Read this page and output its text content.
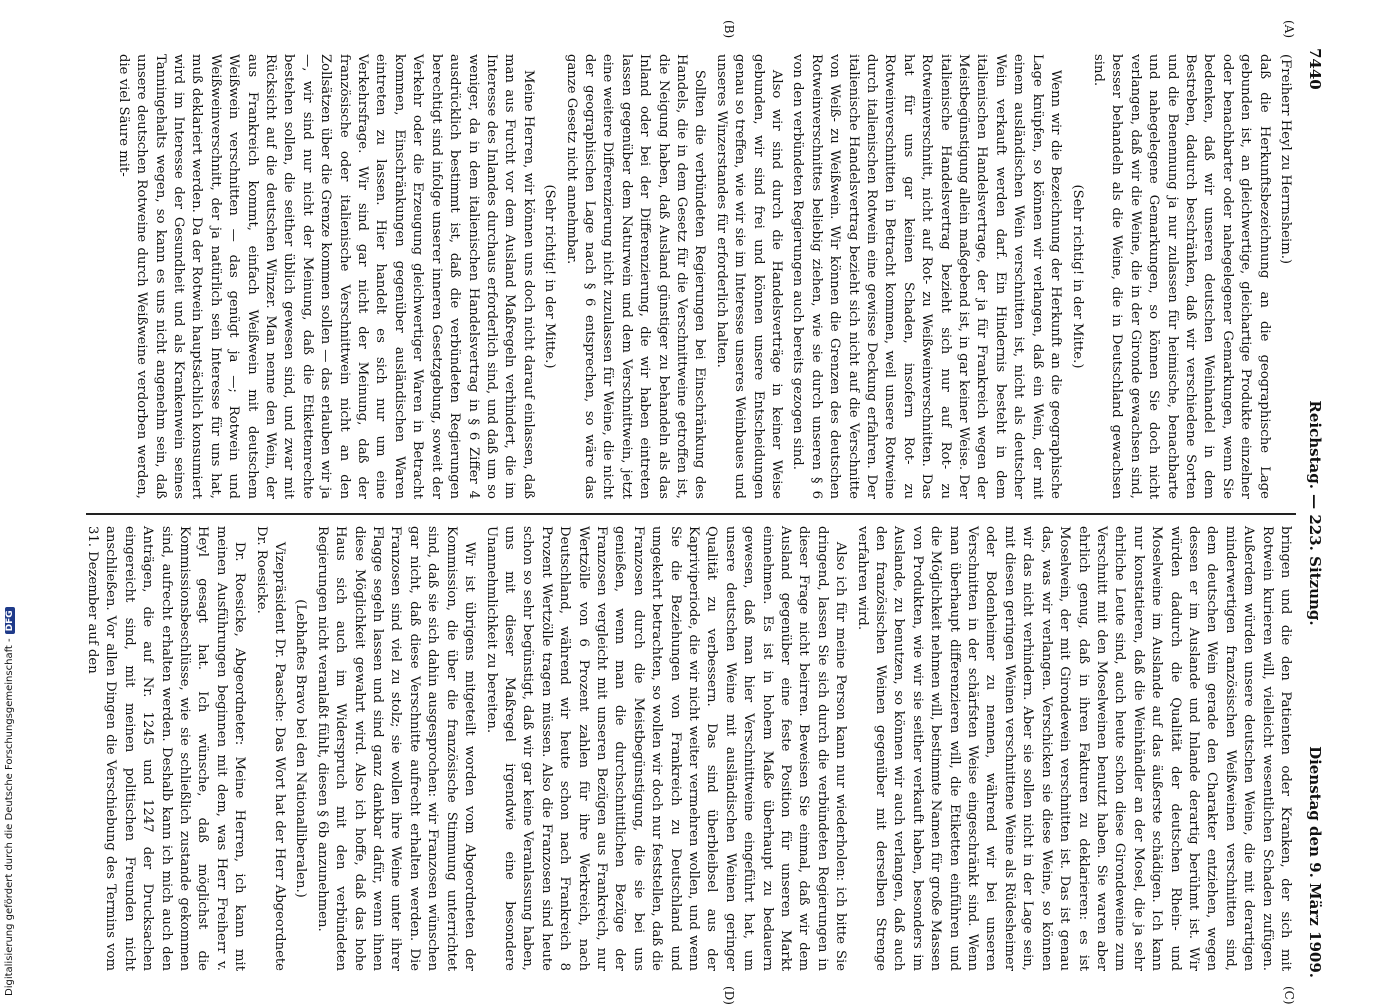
7440
Reichstag. — 223. Sitzung.
Dienstag den 9. März 1909.
(A)
(B)
(C)
(D)

(Freiherr Heyl zu Herrnsheim.)

daß die Herkunftsbezeichnung an die geographische Lage gebunden ist, an gleichwertige, gleichartige Produkte einzelner oder benachbarter oder nahegelegener Gemarkungen, wenn Sie bedenken, daß wir unseren deutschen Weinhandel in dem Bestreben, dadurch beschränken, daß wir verschiedene Sorten und die Benennung ja nur zulassen für heimische, benachbarte und nahegelegene Gemarkungen, so können Sie doch nicht verlangen, daß wir die Weine, die in der Gironde gewachsen sind, besser behandeln als die Weine, die in Deutschland gewachsen sind.

(Sehr richtig! in der Mitte.)

Wenn wir die Bezeichnung der Herkunft an die geographische Lage knüpfen, so können wir verlangen, daß ein Wein, der mit einem ausländischen Wein verschnitten ist, nicht als deutscher Wein verkauft werden darf. Ein Hindernis besteht in dem italienischen Handelsvertrage, der ja für Frankreich wegen der Meistbegünstigung allein maßgebend ist, in gar keiner Weise. Der italienische Handelsvertrag bezieht sich nur auf Rot- zu Rotweinverschnitt, nicht auf Rot- zu Weißweinverschnitten. Das hat für uns gar keinen Schaden, insofern Rot- zu Rotweinverschnitten in Betracht kommen, weil unsere Rotweine durch italienischen Rotwein eine gewisse Deckung erfahren. Der italienische Handelsvertrag bezieht sich nicht auf die Verschnitte von Weiß- zu Weißwein. Wir können die Grenzen des deutschen Rotweinverschnittes beliebig ziehen, wie sie durch unseren § 6 von den verbündeten Regierungen auch bereits gezogen sind.

Also wir sind durch die Handelsverträge in keiner Weise gebunden, wir sind frei und können unsere Entscheidungen genau so treffen, wie wir sie im Interesse unseres Weinbaues und unseres Winzerstandes für erforderlich halten.

Sollten die verbündeten Regierungen bei Einschränkung des Handels, die in dem Gesetz für die Verschnittweine getroffen ist, die Neigung haben, daß Ausland günstiger zu behandeln als das Inland oder bei der Differenzierung, die wir haben eintreten lassen gegenüber dem Naturwein und dem Verschnittwein, jetzt eine weitere Differenzierung nicht zuzulassen für Weine, die nicht der geographischen Lage nach § 6 entsprechen, so wäre das ganze Gesetz nicht annehmbar.

(Sehr richtig! in der Mitte.)

Meine Herren, wir können uns doch nicht darauf einlassen, daß man aus Furcht vor dem Ausland Maßregeln verhindert, die im Interesse des Inlandes durchaus erforderlich sind, und daß um so weniger, da in dem italienischen Handelsvertrag in § 6 Ziffer 4 ausdrücklich bestimmt ist, daß die verbündeten Regierungen berechtigt sind infolge unserer inneren Gesetzgebung, soweit der Verkehr oder die Erzeugung gleichwertiger Waren in Betracht kommen, Einschränkungen gegenüber ausländischen Waren eintreten zu lassen. Hier handelt es sich nur um eine Verkehrsfrage. Wir sind gar nicht der Meinung, daß der französische oder italienische Verschnittwein nicht an den Zollsätzen über die Grenze kommen sollen — das erlauben wir ja —, wir sind nur nicht der Meinung, daß die Etikettenrechte bestehen sollen, die seither üblich gewesen sind, und zwar mit Rücksicht auf die deutschen Winzer. Man nenne den Wein, der aus Frankreich kommt, einfach Weißwein mit deutschem Weißwein verschnitten — das genügt ja —; Rotwein und Weißweinverschnitt, der ja natürlich sein Interesse für uns hat, muß deklariert werden. Da der Rotwein hauptsächlich konsumiert wird im Interesse der Gesundheit und als Krankenwein seines Tanningehalts wegen, so kann es uns nicht angenehm sein, daß unsere deutschen Rotweine durch Weißweine verdorben werden, die viel Säure mit-

bringen und die den Patienten oder Kranken, der sich mit Rotwein kurieren will, vielleicht wesentlichen Schaden zufügen. Außerdem würden unsere deutschen Weine, die mit derartigen minderwertigen französischen Weißweinen verschnitten sind, dem deutschen Wein gerade den Charakter entziehen, wegen dessen er im Auslande und Inlande derartig berühmt ist. Wir würden dadurch die Qualität der deutschen Rhein- und Moselweine im Auslande auf das äußerste schädigen. Ich kann nur konstatieren, daß die Weinhändler an der Mosel, die ja sehr ehrliche Leute sind, auch heute schon diese Girondeweine zum Verschnitt mit den Moselweinen benutzt haben. Sie waren aber ehrlich genug, daß in ihren Fakturen zu deklarieren: es ist Moselwein, der mit Girondewein verschnitten ist. Das ist genau das, was wir verlangen. Verschicken sie diese Weine, so können wir das nicht verhindern. Aber sie sollen nicht in der Lage sein, mit diesen geringen Weinen verschnittene Weine als Rüdesheimer oder Bodenheimer zu nennen, während wir bei unseren Verschnitten in der schärfsten Weise eingeschränkt sind. Wenn man überhaupt differenzieren will, die Etiketten einführen und die Möglichkeit nehmen will, bestimmte Namen für große Massen von Produkten, wie wir sie seither verkauft haben, besonders im Auslande, zu benutzen, so können wir auch verlangen, daß auch den französischen Weinen gegenüber mit derselben Strenge verfahren wird.

Also ich für meine Person kann nur wiederholen: ich bitte Sie dringend, lassen Sie sich durch die verbündeten Regierungen in dieser Frage nicht beirren. Beweisen Sie einmal, daß wir dem Ausland gegenüber eine feste Position für unseren Markt einnehmen. Es ist in hohem Maße überhaupt zu bedauern gewesen, daß man hier Verschnittweine eingeführt hat, um unsere deutschen Weine mit ausländischen Weinen geringer Qualität zu verbessern. Das sind überbleibsel aus der Kapriviperiode, die wir nicht weiter vermehren wollen, und wenn Sie die Beziehungen von Frankreich zu Deutschland und umgekehrt betrachten, so wollen wir doch nur feststellen, daß die Franzosen durch die Meistbegünstigung, die sie bei uns genießen, wenn man die durchschnittlichen Bezüge der Franzosen vergleicht mit unseren Bezügen aus Frankreich, nur Wertzölle von 6 Prozent zahlen für ihre Werkreich, nach Deutschland, während wir heute schon nach Frankreich 8 Prozent Wertzölle tragen müssen. Also die Franzosen sind heute schon so sehr begünstigt, daß wir gar keine Veranlassung haben, uns mit dieser Maßregel irgendwie eine besondere Unannehmlichkeit zu bereiten.

Wir ist übrigens mitgeteilt worden vom Abgeordneten der Kommission, die über die französische Stimmung unterrichtet sind, daß sie sich dahin ausgesprochen: wir Franzosen wünschen gar nicht, daß diese Verschnitte aufrecht erhalten werden. Die Franzosen sind viel zu stolz; sie wollen ihre Weine unter ihrer Flagge segeln lassen und sind ganz dankbar dafür, wenn ihnen diese Möglichkeit gewahrt wird. Also ich hoffe, daß das hohe Haus sich auch im Widerspruch mit den verbündeten Regierungen nicht veranlaßt fühlt, diesen § 6b anzunehmen.

(Lebhaftes Bravo bei den Nationalliberalen.)

Vizepräsident Dr. Paasche: Das Wort hat der Herr Abgeordnete Dr. Roesicke.

Dr. Roesicke, Abgeordneter: Meine Herren, ich kann mit meinen Ausführungen beginnen mit dem, was Herr Freiherr v. Heyl gesagt hat. Ich wünsche, daß möglichst die Kommissionsbeschlüsse, wie sie schließlich zustande gekommen sind, aufrecht erhalten werden. Deshalb kann ich mich auch den Anträgen, die auf Nr. 1245 und 1247 der Drucksachen eingereicht sind, mit meinen politischen Freunden nicht anschließen. Vor allen Dingen die Verschiebung des Termins vom 31. Dezember auf den

Digitalisierung gefördert durch die Deutsche Forschungsgemeinschaft -DFG
